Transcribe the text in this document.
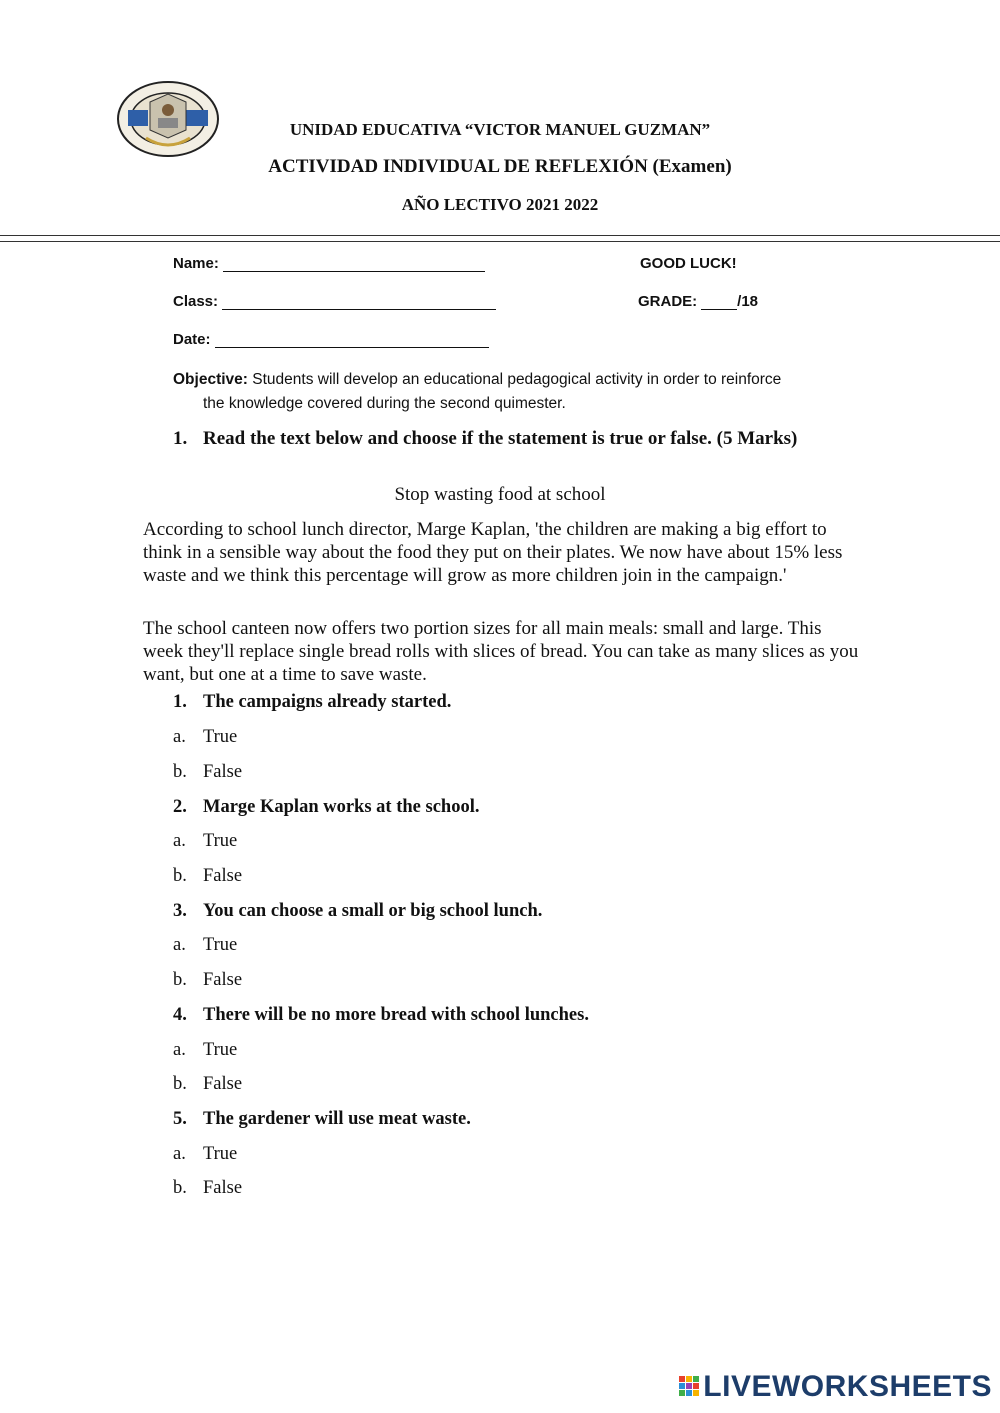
UNIDAD EDUCATIVA “VICTOR MANUEL GUZMAN”
ACTIVIDAD INDIVIDUAL DE REFLEXIÓN (Examen)
AÑO LECTIVO 2021 2022
Name:
Class:
Date:
GOOD LUCK!
GRADE:	/18
Objective: Students will develop an educational pedagogical activity in order to reinforce
the knowledge covered during the second quimester.
1. Read the text below and choose if the statement is true or false. (5 Marks)
Stop wasting food at school
According to school lunch director, Marge Kaplan, 'the children are making a big effort to think in a sensible way about the food they put on their plates. We now have about 15% less waste and we think this percentage will grow as more children join in the campaign.'
The school canteen now offers two portion sizes for all main meals: small and large. This week they'll replace single bread rolls with slices of bread. You can take as many slices as you want, but one at a time to save waste.
1. The campaigns already started.
a. True
b. False
2. Marge Kaplan works at the school.
a. True
b. False
3. You can choose a small or big school lunch.
a. True
b. False
4. There will be no more bread with school lunches.
a. True
b. False
5. The gardener will use meat waste.
a. True
b. False
LIVEWORKSHEETS
